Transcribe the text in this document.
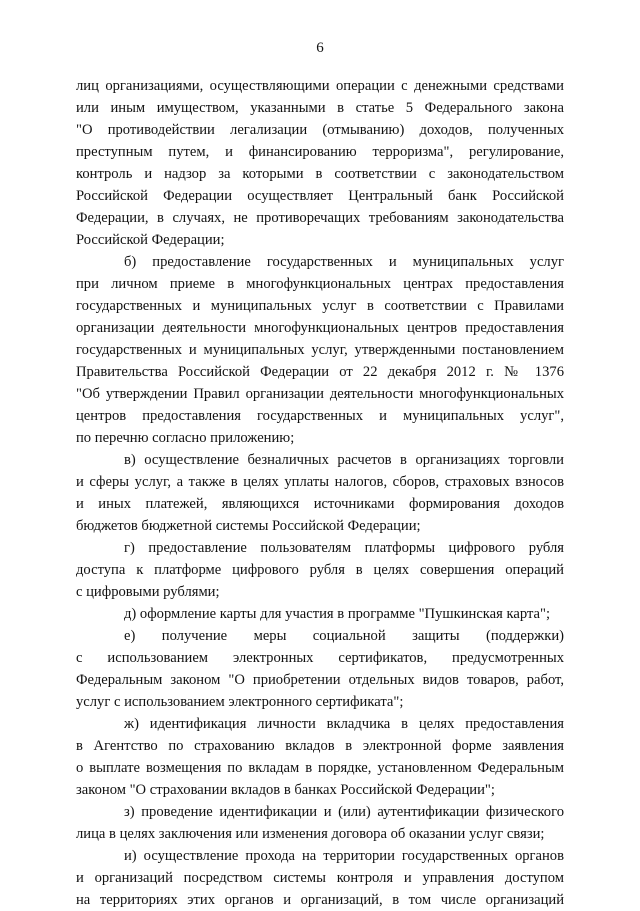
6
лиц организациями, осуществляющими операции с денежными средствами
или иным имуществом, указанными в статье 5 Федерального закона
"О противодействии легализации (отмыванию) доходов, полученных
преступным путем, и финансированию терроризма", регулирование,
контроль и надзор за которыми в соответствии с законодательством
Российской Федерации осуществляет Центральный банк Российской
Федерации, в случаях, не противоречащих требованиям законодательства
Российской Федерации;
б) предоставление государственных и муниципальных услуг
при личном приеме в многофункциональных центрах предоставления
государственных и муниципальных услуг в соответствии с Правилами
организации деятельности многофункциональных центров предоставления
государственных и муниципальных услуг, утвержденными постановлением
Правительства Российской Федерации от 22 декабря 2012 г. № 1376
"Об утверждении Правил организации деятельности многофункциональных
центров предоставления государственных и муниципальных услуг",
по перечню согласно приложению;
в) осуществление безналичных расчетов в организациях торговли
и сферы услуг, а также в целях уплаты налогов, сборов, страховых взносов
и иных платежей, являющихся источниками формирования доходов
бюджетов бюджетной системы Российской Федерации;
г) предоставление пользователям платформы цифрового рубля
доступа к платформе цифрового рубля в целях совершения операций
с цифровыми рублями;
д) оформление карты для участия в программе "Пушкинская карта";
е) получение меры социальной защиты (поддержки)
с использованием электронных сертификатов, предусмотренных
Федеральным законом "О приобретении отдельных видов товаров, работ,
услуг с использованием электронного сертификата";
ж) идентификация личности вкладчика в целях предоставления
в Агентство по страхованию вкладов в электронной форме заявления
о выплате возмещения по вкладам в порядке, установленном Федеральным
законом "О страховании вкладов в банках Российской Федерации";
з) проведение идентификации и (или) аутентификации физического
лица в целях заключения или изменения договора об оказании услуг связи;
и) осуществление прохода на территории государственных органов
и организаций посредством системы контроля и управления доступом
на территориях этих органов и организаций, в том числе организаций
